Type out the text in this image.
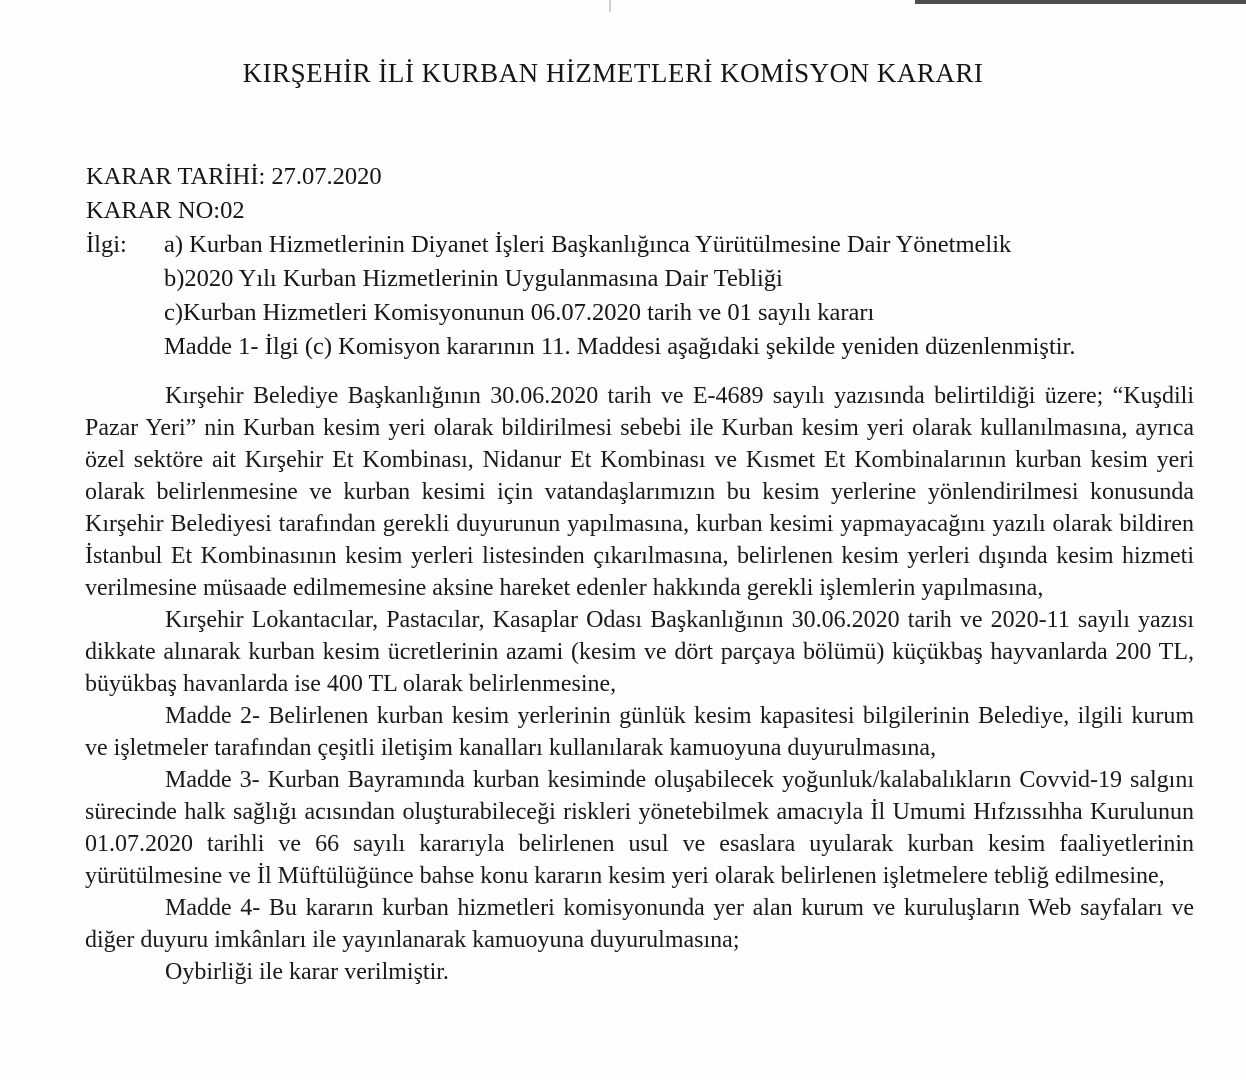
KIRŞEHİR İLİ KURBAN HİZMETLERİ KOMİSYON KARARI
KARAR TARİHİ: 27.07.2020
KARAR NO:02
İlgi:	a) Kurban Hizmetlerinin Diyanet İşleri Başkanlığınca Yürütülmesine Dair Yönetmelik
b)2020 Yılı Kurban Hizmetlerinin Uygulanmasına Dair Tebliği
c)Kurban Hizmetleri Komisyonunun 06.07.2020 tarih ve 01 sayılı kararı
Madde 1- İlgi (c) Komisyon kararının 11. Maddesi aşağıdaki şekilde yeniden düzenlenmiştir.

Kırşehir Belediye Başkanlığının 30.06.2020 tarih ve E-4689 sayılı yazısında belirtildiği üzere; “Kuşdili Pazar Yeri” nin Kurban kesim yeri olarak bildirilmesi sebebi ile Kurban kesim yeri olarak kullanılmasına, ayrıca özel sektöre ait Kırşehir Et Kombinası, Nidanur Et Kombinası ve Kısmet Et Kombinalarının kurban kesim yeri olarak belirlenmesine ve kurban kesimi için vatandaşlarımızın bu kesim yerlerine yönlendirilmesi konusunda Kırşehir Belediyesi tarafından gerekli duyurunun yapılmasına, kurban kesimi yapmayacağını yazılı olarak bildiren İstanbul Et Kombinasının kesim yerleri listesinden çıkarılmasına, belirlenen kesim yerleri dışında kesim hizmeti verilmesine müsaade edilmemesine aksine hareket edenler hakkında gerekli işlemlerin yapılmasına,

Kırşehir Lokantacılar, Pastacılar, Kasaplar Odası Başkanlığının 30.06.2020 tarih ve 2020-11 sayılı yazısı dikkate alınarak kurban kesim ücretlerinin azami (kesim ve dört parçaya bölümü) küçükbaş hayvanlarda 200 TL, büyükbaş havanlarda ise 400 TL olarak belirlenmesine,

Madde 2- Belirlenen kurban kesim yerlerinin günlük kesim kapasitesi bilgilerinin Belediye, ilgili kurum ve işletmeler tarafından çeşitli iletişim kanalları kullanılarak kamuoyuna duyurulmasına,

Madde 3- Kurban Bayramında kurban kesiminde oluşabilecek yoğunluk/kalabalıkların Covvid-19 salgını sürecinde halk sağlığı acısından oluşturabileceği riskleri yönetebilmek amacıyla İl Umumi Hıfzıssıhha Kurulunun 01.07.2020 tarihli ve 66 sayılı kararıyla belirlenen usul ve esaslara uyularak kurban kesim faaliyetlerinin yürütülmesine ve İl Müftülüğünce bahse konu kararın kesim yeri olarak belirlenen işletmelere tebliğ edilmesine,

Madde 4- Bu kararın kurban hizmetleri komisyonunda yer alan kurum ve kuruluşların Web sayfaları ve diğer duyuru imkânları ile yayınlanarak kamuoyuna duyurulmasına;

Oybirliği ile karar verilmiştir.
